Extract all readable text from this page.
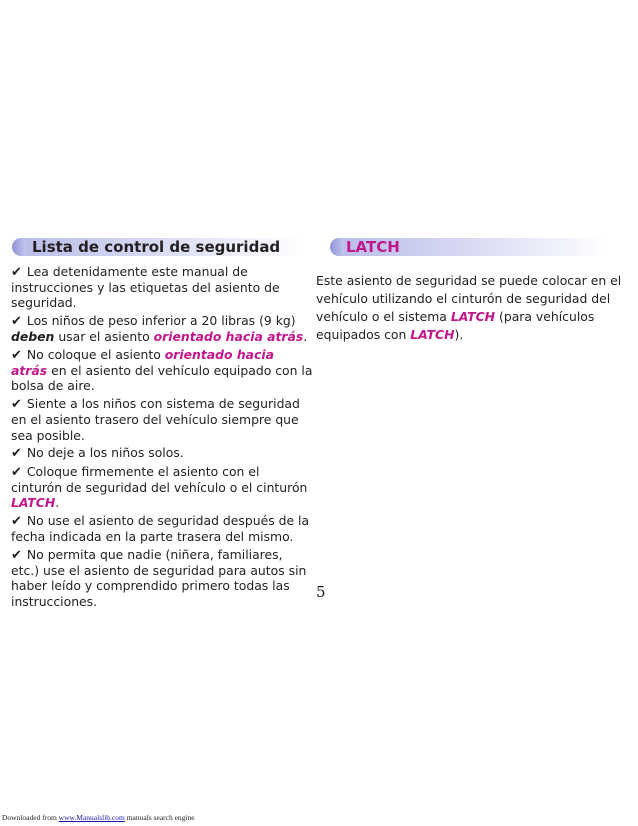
Lista de control de seguridad	LATCH
✔ Lea detenidamente este manual de instrucciones y las etiquetas del asiento de seguridad.
✔ Los niños de peso inferior a 20 libras (9 kg) deben usar el asiento orientado hacia atrás.
✔ No coloque el asiento orientado hacia atrás en el asiento del vehículo equipado con la bolsa de aire.
✔ Siente a los niños con sistema de seguridad en el asiento trasero del vehículo siempre que sea posible.
✔ No deje a los niños solos.
✔ Coloque firmemente el asiento con el cinturón de seguridad del vehículo o el cinturón LATCH.
✔ No use el asiento de seguridad después de la fecha indicada en la parte trasera del mismo.
✔ No permita que nadie (niñera, familiares, etc.) use el asiento de seguridad para autos sin haber leído y comprendido primero todas las instrucciones.
Este asiento de seguridad se puede colocar en el vehículo utilizando el cinturón de seguridad del vehículo o el sistema LATCH (para vehículos equipados con LATCH).
5
Downloaded from www.Manualslib.com manuals search engine
